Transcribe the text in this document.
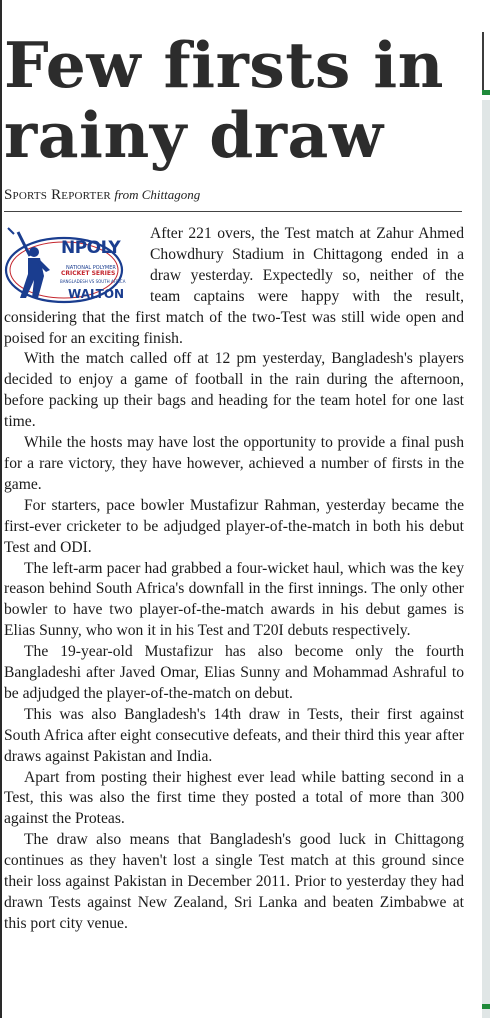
Few firsts in
rainy draw
Sports Reporter from Chittagong
NPOLY
NATIONAL POLYMER
CRICKET SERIES
BANGLADESH VS SOUTH AFRICA
WALTON

After 221 overs, the Test match at Zahur Ahmed Chowdhury Stadium in Chittagong ended in a draw yesterday. Expectedly so, neither of the team captains were happy with the result, considering that the first match of the two-Test was still wide open and poised for an exciting finish.

With the match called off at 12 pm yesterday, Bangladesh's players decided to enjoy a game of football in the rain during the afternoon, before packing up their bags and heading for the team hotel for one last time.

While the hosts may have lost the opportunity to provide a final push for a rare victory, they have however, achieved a number of firsts in the game.

For starters, pace bowler Mustafizur Rahman, yesterday became the first-ever cricketer to be adjudged player-of-the-match in both his debut Test and ODI.

The left-arm pacer had grabbed a four-wicket haul, which was the key reason behind South Africa's downfall in the first innings. The only other bowler to have two player-of-the-match awards in his debut games is Elias Sunny, who won it in his Test and T20I debuts respectively.

The 19-year-old Mustafizur has also become only the fourth Bangladeshi after Javed Omar, Elias Sunny and Mohammad Ashraful to be adjudged the player-of-the-match on debut.

This was also Bangladesh's 14th draw in Tests, their first against South Africa after eight consecutive defeats, and their third this year after draws against Pakistan and India.

Apart from posting their highest ever lead while batting second in a Test, this was also the first time they posted a total of more than 300 against the Proteas.

The draw also means that Bangladesh's good luck in Chittagong continues as they haven't lost a single Test match at this ground since their loss against Pakistan in December 2011. Prior to yesterday they had drawn Tests against New Zealand, Sri Lanka and beaten Zimbabwe at this port city venue.
